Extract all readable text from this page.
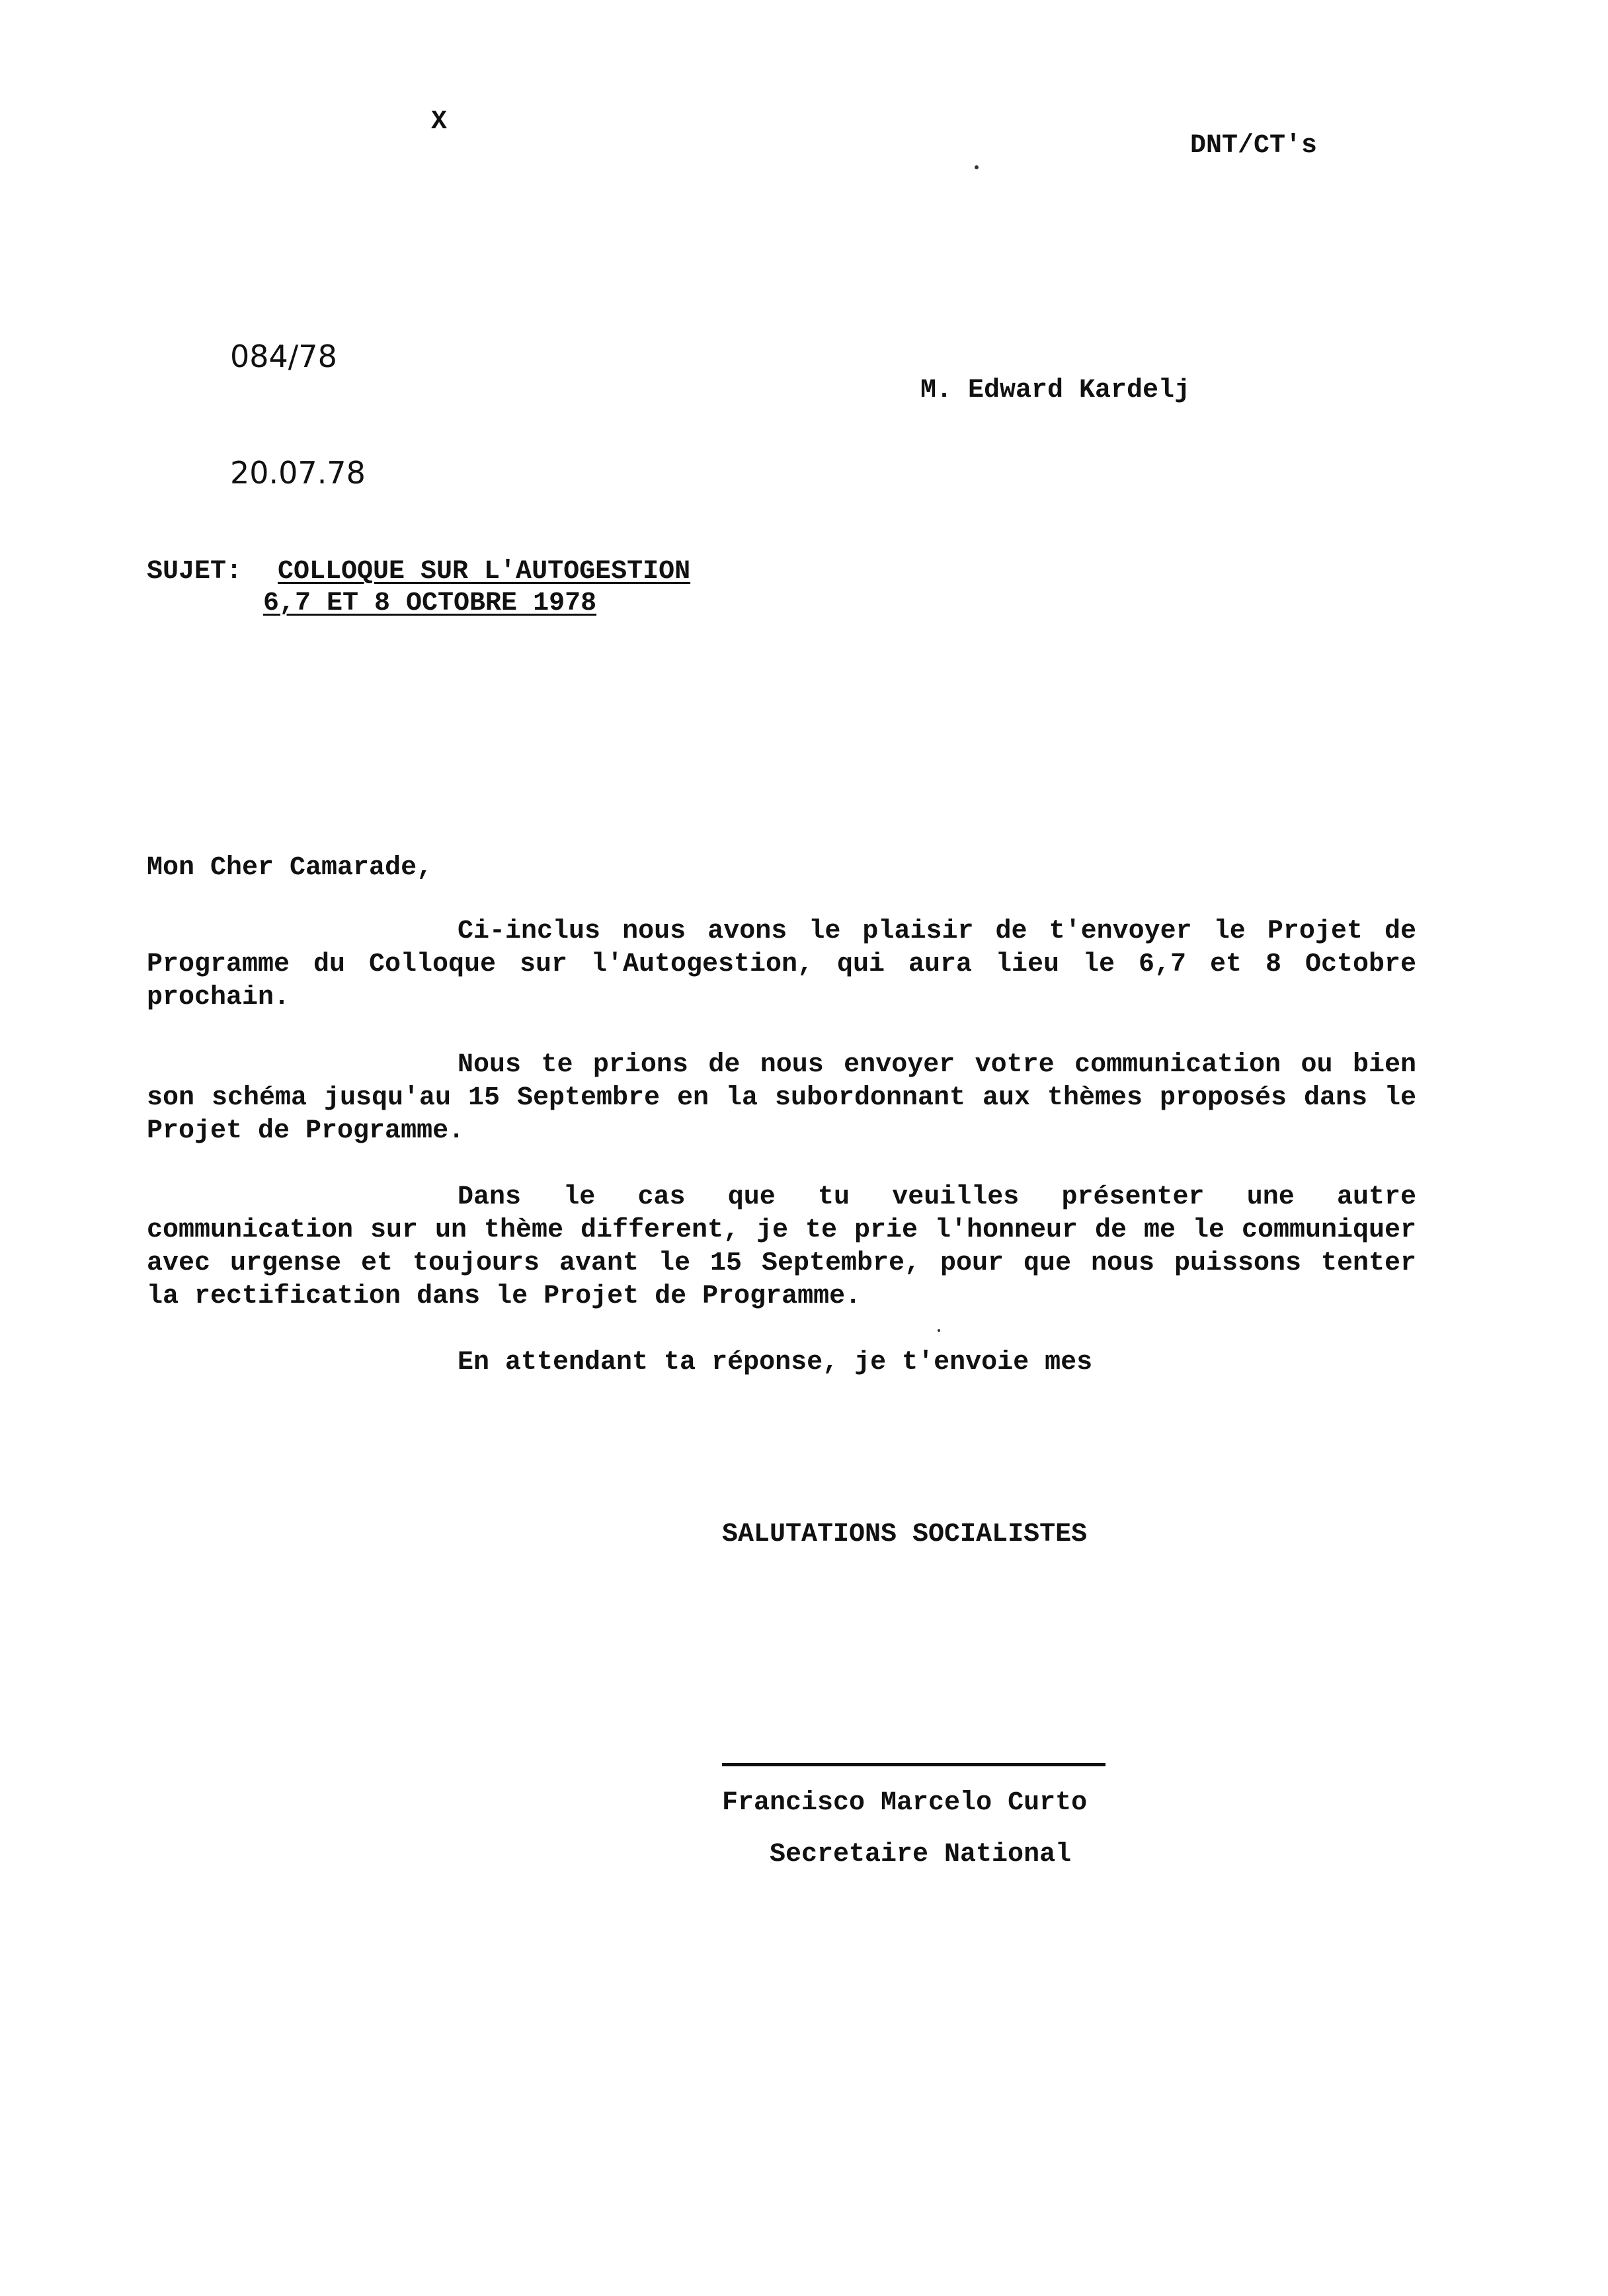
X
DNT/CT's
084/78
M. Edward Kardelj
20.07.78
SUJET: COLLOQUE SUR L'AUTOGESTION
6,7 ET 8 OCTOBRE 1978
Mon Cher Camarade,

Ci-inclus nous avons le plaisir de t'envoyer le Projet de Programme du Colloque sur l'Autogestion, qui aura lieu le 6,7 et 8 Octobre prochain.

Nous te prions de nous envoyer votre communication ou bien son schéma jusqu'au 15 Septembre en la subordonnant aux thèmes proposés dans le Projet de Programme.

Dans le cas que tu veuilles présenter une autre communication sur un thème different, je te prie l'honneur de me le communiquer avec urgense et toujours avant le 15 Septembre, pour que nous puissons tenter la rectification dans le Projet de Programme.

En attendant ta réponse, je t'envoie mes
SALUTATIONS SOCIALISTES
Francisco Marcelo Curto
Secretaire National
